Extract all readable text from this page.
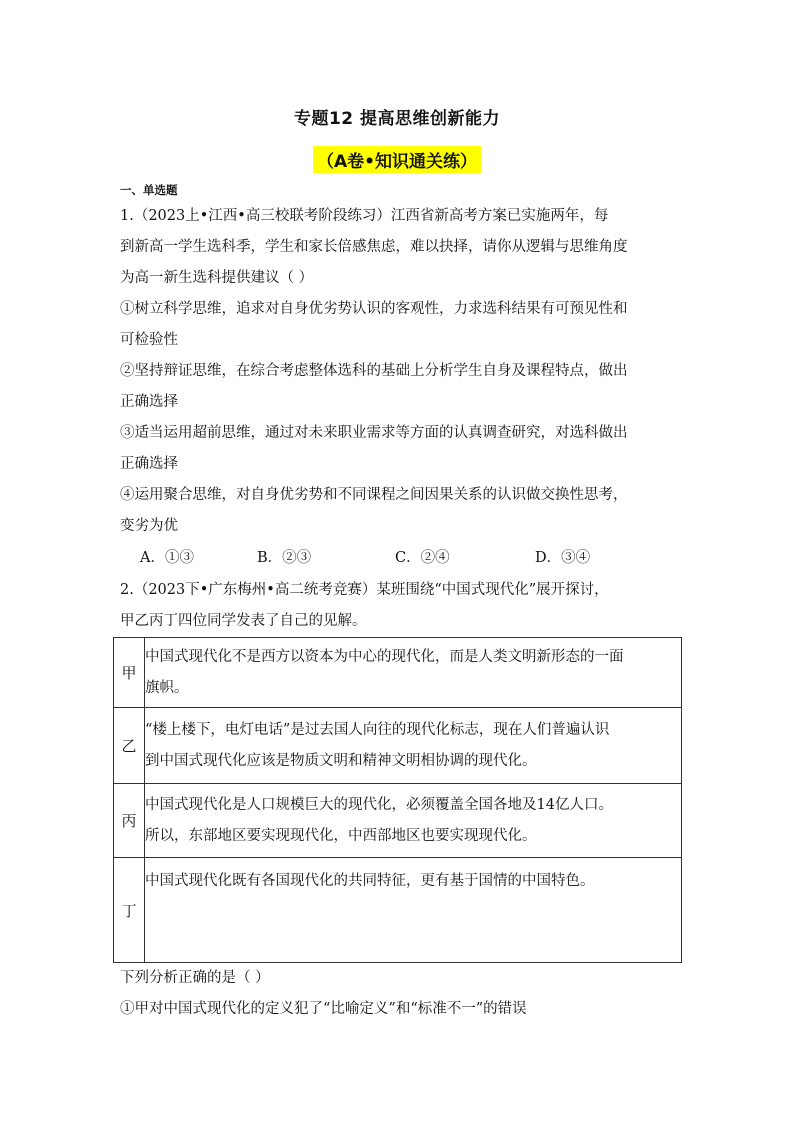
专题12 提高思维创新能力
（A卷•知识通关练）
一、单选题
1.（2023上•江西•高三校联考阶段练习）江西省新高考方案已实施两年，每
到新高一学生选科季，学生和家长倍感焦虑，难以抉择，请你从逻辑与思维角度
为高一新生选科提供建议（ ）
①树立科学思维，追求对自身优劣势认识的客观性，力求选科结果有可预见性和
可检验性
②坚持辩证思维，在综合考虑整体选科的基础上分析学生自身及课程特点，做出
正确选择
③适当运用超前思维，通过对未来职业需求等方面的认真调查研究，对选科做出
正确选择
④运用聚合思维，对自身优劣势和不同课程之间因果关系的认识做交换性思考，
变劣为优
A．①③	B．②③	C．②④	D．③④
2.（2023下•广东梅州•高二统考竞赛）某班围绕“中国式现代化”展开探讨，
甲乙丙丁四位同学发表了自己的见解。
甲	中国式现代化不是西方以资本为中心的现代化，而是人类文明新形态的一面
旗帜。

乙	“楼上楼下，电灯电话”是过去国人向往的现代化标志，现在人们普遍认识
到中国式现代化应该是物质文明和精神文明相协调的现代化。

丙	中国式现代化是人口规模巨大的现代化，必须覆盖全国各地及14亿人口。
所以，东部地区要实现现代化，中西部地区也要实现现代化。

丁	中国式现代化既有各国现代化的共同特征，更有基于国情的中国特色。
下列分析正确的是（ ）
①甲对中国式现代化的定义犯了“比喻定义”和“标准不一”的错误
